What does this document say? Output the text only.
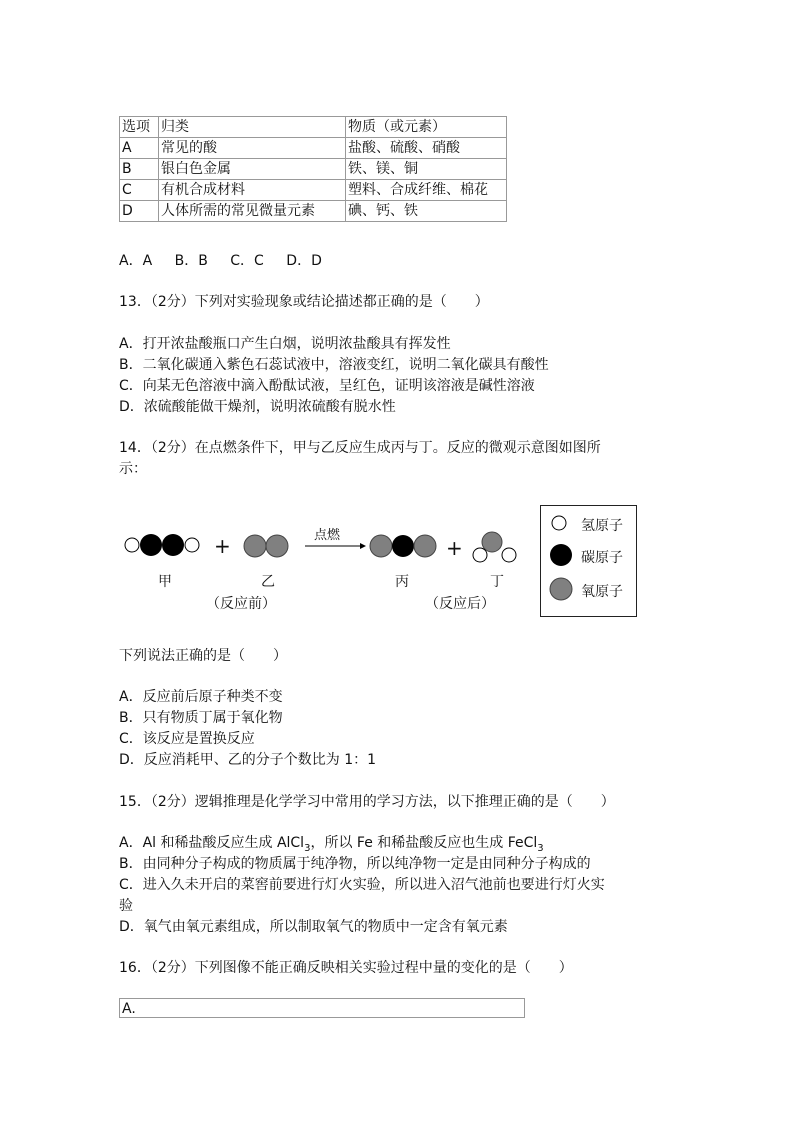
选项	归类	物质（或元素）
A	常见的酸	盐酸、硫酸、硝酸
B	银白色金属	铁、镁、铜
C	有机合成材料	塑料、合成纤维、棉花
D	人体所需的常见微量元素	碘、钙、铁
A．A B．B C．C D．D
13．（2分）下列对实验现象或结论描述都正确的是（　　）
A．打开浓盐酸瓶口产生白烟，说明浓盐酸具有挥发性
B．二氧化碳通入紫色石蕊试液中，溶液变红，说明二氧化碳具有酸性
C．向某无色溶液中滴入酚酞试液，呈红色，证明该溶液是碱性溶液
D．浓硫酸能做干燥剂，说明浓硫酸有脱水性
14．（2分）在点燃条件下，甲与乙反应生成丙与丁。反应的微观示意图如图所
示：
+	+
点燃
甲	乙	丙	丁
（反应前）	（反应后）
氢原子
碳原子
氧原子
下列说法正确的是（　　）
A．反应前后原子种类不变
B．只有物质丁属于氧化物
C．该反应是置换反应
D．反应消耗甲、乙的分子个数比为 1：1
15．（2分）逻辑推理是化学学习中常用的学习方法，以下推理正确的是（　　）
A．Al 和稀盐酸反应生成 AlCl$_3$，所以 Fe 和稀盐酸反应也生成 FeCl$_3$
B．由同种分子构成的物质属于纯净物，所以纯净物一定是由同种分子构成的
C．进入久未开启的菜窖前要进行灯火实验，所以进入沼气池前也要进行灯火实
验
D．氧气由氧元素组成，所以制取氧气的物质中一定含有氧元素
16．（2分）下列图像不能正确反映相关实验过程中量的变化的是（　　）
A.
